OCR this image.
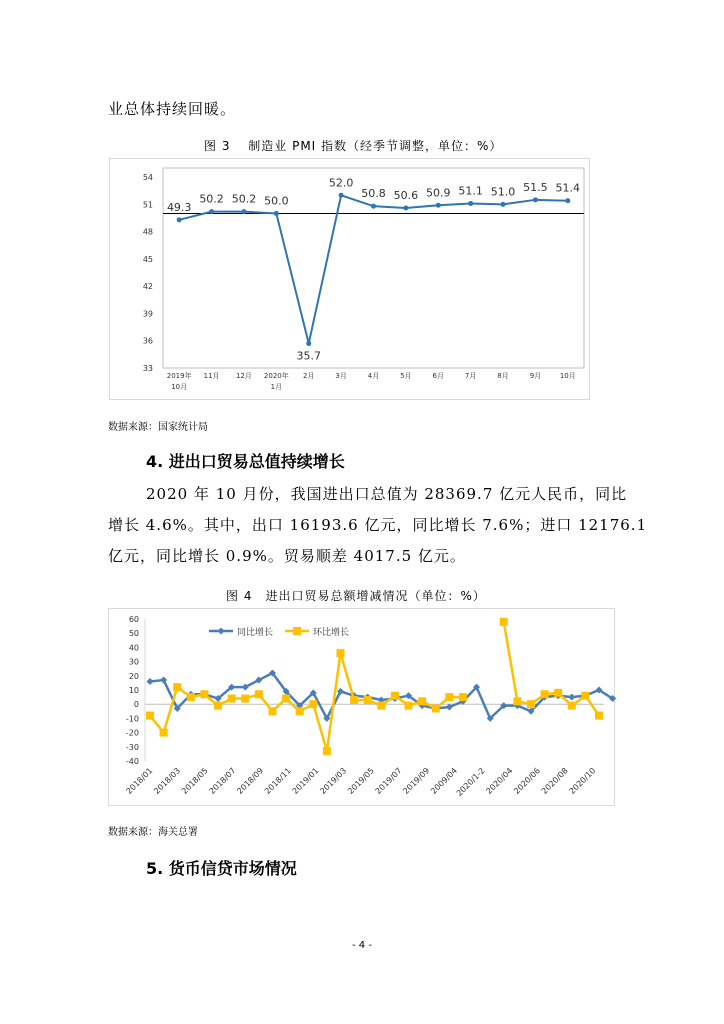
业总体持续回暖。
图 3　 制造业 PMI 指数（经季节调整，单位：%）
33
36
39
42
45
48
51
54
2019年
10月
11月 12月 2020年
1月
2月	3月	4月	5月	6月	7月	8月	9月	10月
49.3
50.2 50.2 50.0
35.7
52.0
50.8 50.6 50.9 51.1 51.0 51.5 51.4
数据来源：国家统计局
4. 进出口贸易总值持续增长
2020 年 10 月份，我国进出口总值为 28369.7 亿元人民币，同比
增长 4.6%。其中，出口 16193.6 亿元，同比增长 7.6%；进口 12176.1
亿元，同比增长 0.9%。贸易顺差 4017.5 亿元。
图 4　进出口贸易总额增减情况（单位：%）
-40
-30
-20
-10
0
10
20
30
40
50
60
2018/01
2018/03
2018/05
2018/07
2018/09
2018/11
2019/01
2019/03
2019/05
2019/07
2019/09
2009/04
2020/1-2
2020/04
2020/06
2020/08
2020/10
同比增长	环比增长
数据来源：海关总署
5. 货币信贷市场情况
- 4 -
